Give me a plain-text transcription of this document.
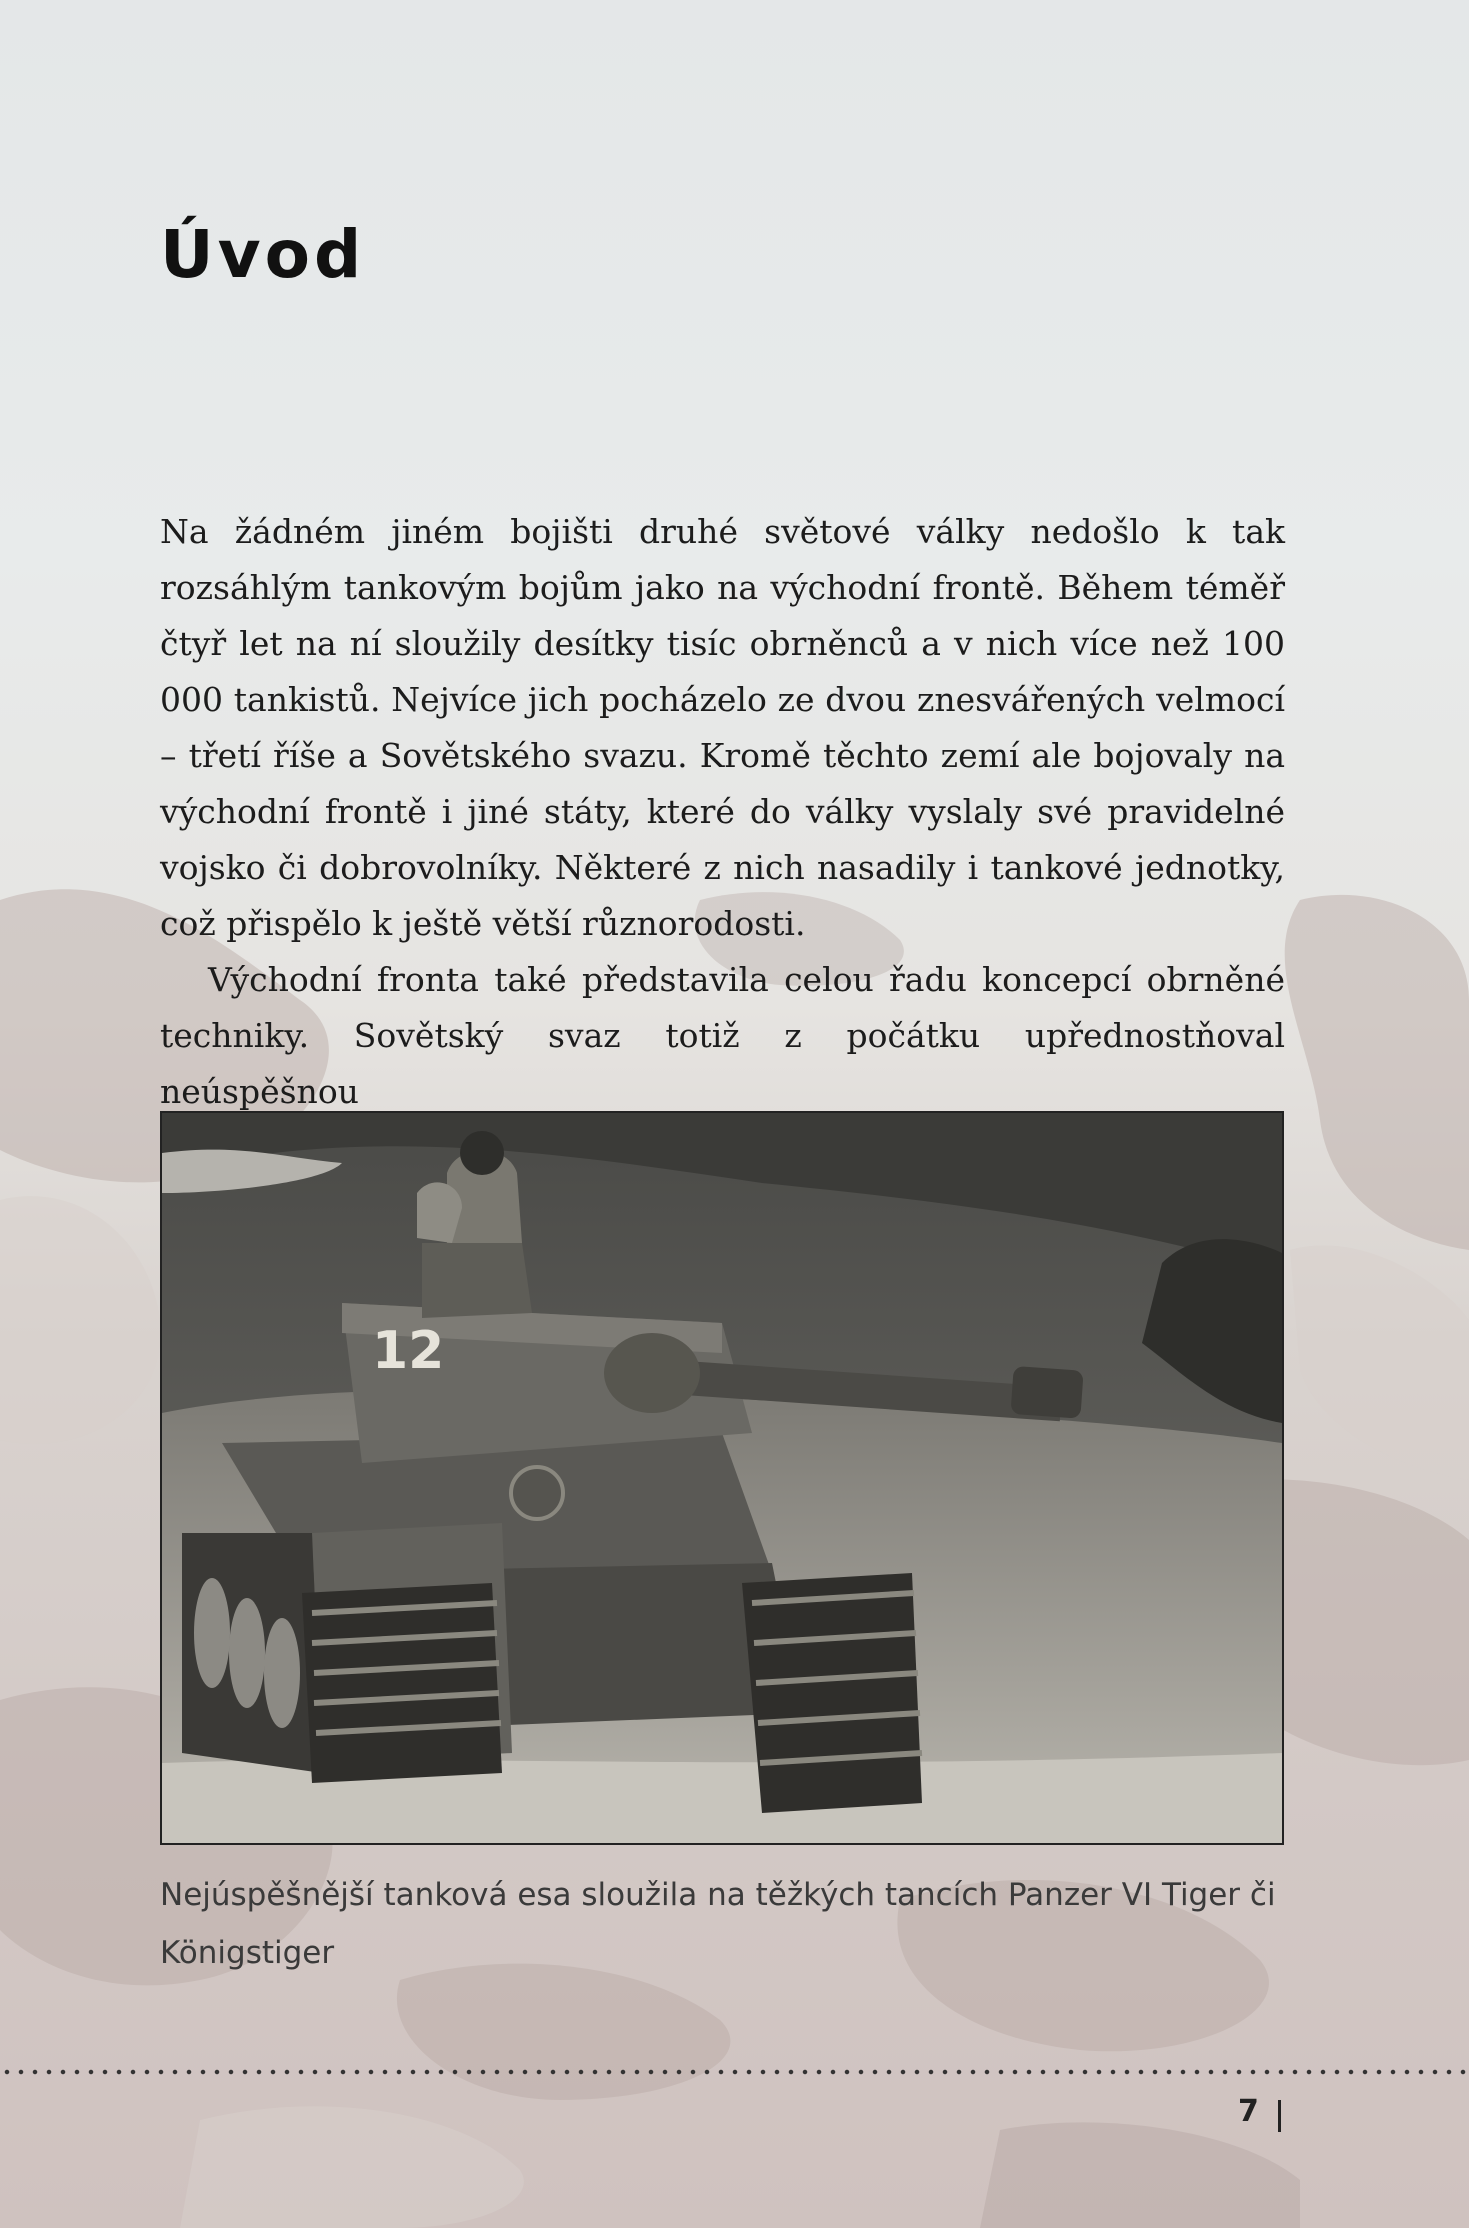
Úvod

Na žádném jiném bojišti druhé světové války nedošlo k tak rozsáhlým tankovým bojům jako na východní frontě. Během téměř čtyř let na ní sloužily desítky tisíc obrněnců a v nich více než 100 000 tankistů. Nejvíce jich pocházelo ze dvou znesvářených velmocí – třetí říše a Sovětského svazu. Kromě těchto zemí ale bojovaly na východní frontě i jiné státy, které do války vyslaly své pravidelné vojsko či dobrovolníky. Některé z nich nasadily i tankové jednotky, což přispělo k ještě větší různorodosti.

Východní fronta také představila celou řadu koncepcí obrněné techniky. Sovětský svaz totiž z počátku upřednostňoval neúspěšnou

12
Nejúspěšnější tanková esa sloužila na těžkých tancích Panzer VI Tiger či Königstiger
7
